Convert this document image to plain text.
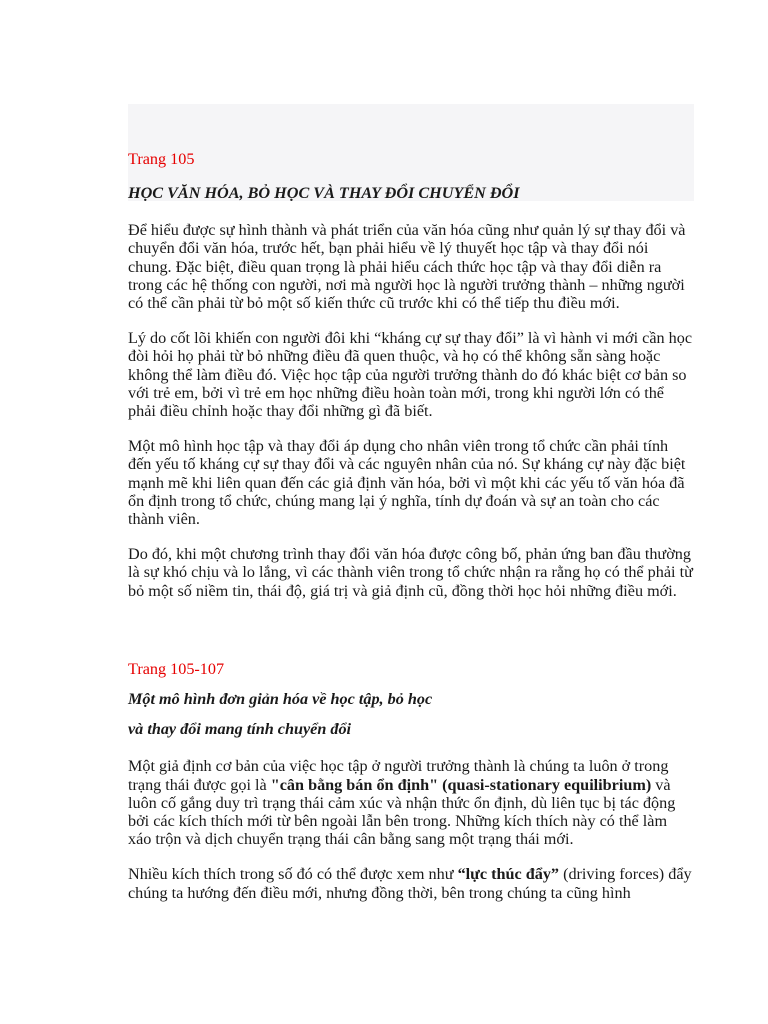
Trang 105

HỌC VĂN HÓA, BỎ HỌC VÀ THAY ĐỔI CHUYỂN ĐỔI

Để hiểu được sự hình thành và phát triển của văn hóa cũng như quản lý sự thay đổi và chuyển đổi văn hóa, trước hết, bạn phải hiểu về lý thuyết học tập và thay đổi nói chung. Đặc biệt, điều quan trọng là phải hiểu cách thức học tập và thay đổi diễn ra trong các hệ thống con người, nơi mà người học là người trưởng thành – những người có thể cần phải từ bỏ một số kiến thức cũ trước khi có thể tiếp thu điều mới.

Lý do cốt lõi khiến con người đôi khi “kháng cự sự thay đổi” là vì hành vi mới cần học đòi hỏi họ phải từ bỏ những điều đã quen thuộc, và họ có thể không sẵn sàng hoặc không thể làm điều đó. Việc học tập của người trưởng thành do đó khác biệt cơ bản so với trẻ em, bởi vì trẻ em học những điều hoàn toàn mới, trong khi người lớn có thể phải điều chỉnh hoặc thay đổi những gì đã biết.

Một mô hình học tập và thay đổi áp dụng cho nhân viên trong tổ chức cần phải tính đến yếu tố kháng cự sự thay đổi và các nguyên nhân của nó. Sự kháng cự này đặc biệt mạnh mẽ khi liên quan đến các giả định văn hóa, bởi vì một khi các yếu tố văn hóa đã ổn định trong tổ chức, chúng mang lại ý nghĩa, tính dự đoán và sự an toàn cho các thành viên.

Do đó, khi một chương trình thay đổi văn hóa được công bố, phản ứng ban đầu thường là sự khó chịu và lo lắng, vì các thành viên trong tổ chức nhận ra rằng họ có thể phải từ bỏ một số niềm tin, thái độ, giá trị và giả định cũ, đồng thời học hỏi những điều mới.

Trang 105-107

Một mô hình đơn giản hóa về học tập, bỏ học

và thay đổi mang tính chuyển đổi

Một giả định cơ bản của việc học tập ở người trưởng thành là chúng ta luôn ở trong trạng thái được gọi là "cân bằng bán ổn định" (quasi-stationary equilibrium) và luôn cố gắng duy trì trạng thái cảm xúc và nhận thức ổn định, dù liên tục bị tác động bởi các kích thích mới từ bên ngoài lẫn bên trong. Những kích thích này có thể làm xáo trộn và dịch chuyển trạng thái cân bằng sang một trạng thái mới.

Nhiều kích thích trong số đó có thể được xem như “lực thúc đẩy” (driving forces) đẩy chúng ta hướng đến điều mới, nhưng đồng thời, bên trong chúng ta cũng hình
